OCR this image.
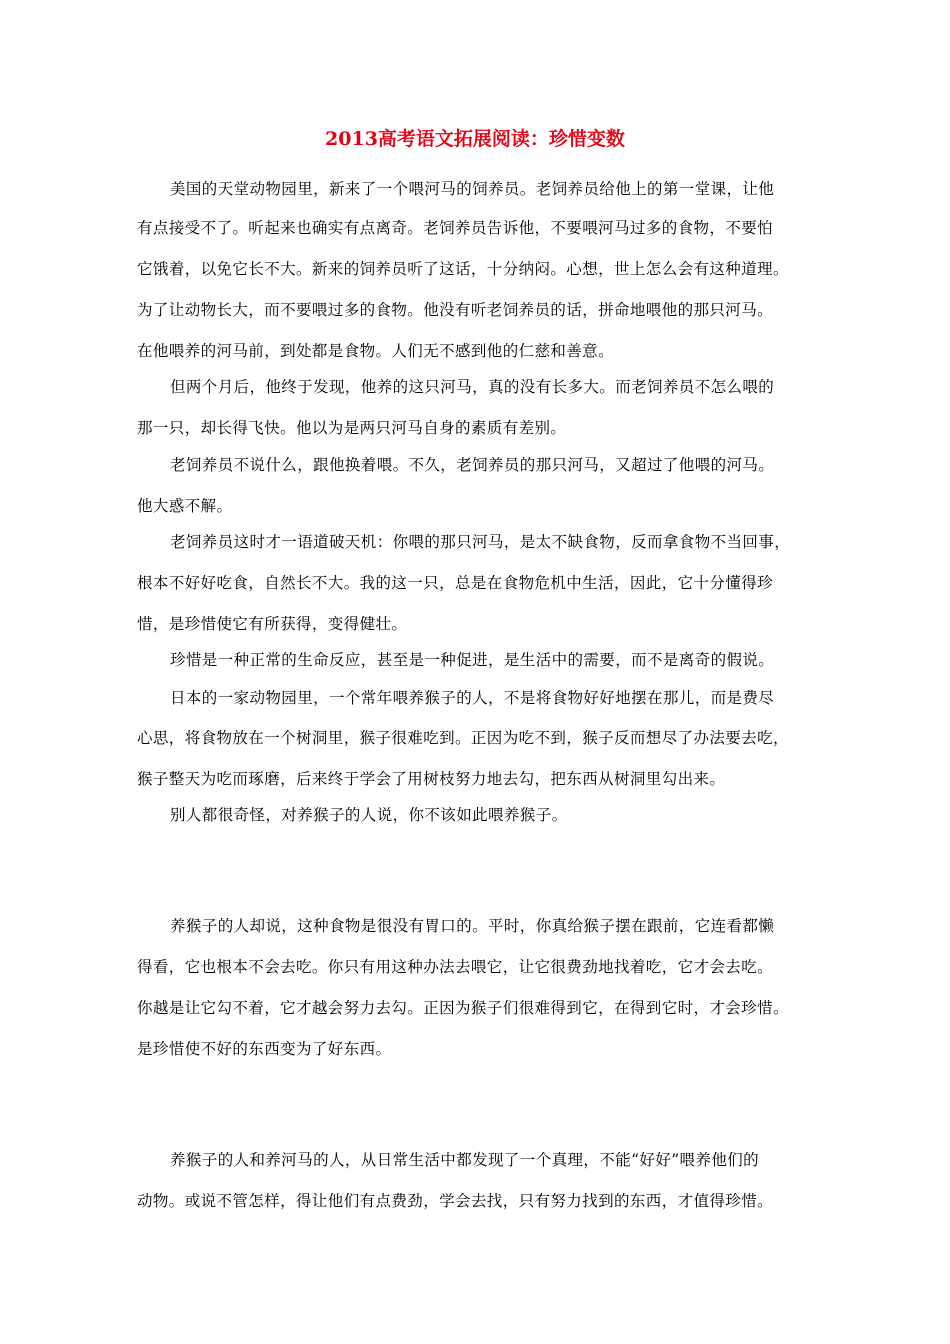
2013高考语文拓展阅读：珍惜变数
美国的天堂动物园里，新来了一个喂河马的饲养员。老饲养员给他上的第一堂课，让他
有点接受不了。听起来也确实有点离奇。老饲养员告诉他，不要喂河马过多的食物，不要怕
它饿着，以免它长不大。新来的饲养员听了这话，十分纳闷。心想，世上怎么会有这种道理。
为了让动物长大，而不要喂过多的食物。他没有听老饲养员的话，拼命地喂他的那只河马。
在他喂养的河马前，到处都是食物。人们无不感到他的仁慈和善意。
但两个月后，他终于发现，他养的这只河马，真的没有长多大。而老饲养员不怎么喂的
那一只，却长得飞快。他以为是两只河马自身的素质有差别。
老饲养员不说什么，跟他换着喂。不久，老饲养员的那只河马，又超过了他喂的河马。
他大惑不解。
老饲养员这时才一语道破天机：你喂的那只河马，是太不缺食物，反而拿食物不当回事，
根本不好好吃食，自然长不大。我的这一只，总是在食物危机中生活，因此，它十分懂得珍
惜，是珍惜使它有所获得，变得健壮。
珍惜是一种正常的生命反应，甚至是一种促进，是生活中的需要，而不是离奇的假说。
日本的一家动物园里，一个常年喂养猴子的人，不是将食物好好地摆在那儿，而是费尽
心思，将食物放在一个树洞里，猴子很难吃到。正因为吃不到，猴子反而想尽了办法要去吃，
猴子整天为吃而琢磨，后来终于学会了用树枝努力地去勾，把东西从树洞里勾出来。
别人都很奇怪，对养猴子的人说，你不该如此喂养猴子。
养猴子的人却说，这种食物是很没有胃口的。平时，你真给猴子摆在跟前，它连看都懒
得看，它也根本不会去吃。你只有用这种办法去喂它，让它很费劲地找着吃，它才会去吃。
你越是让它勾不着，它才越会努力去勾。正因为猴子们很难得到它，在得到它时，才会珍惜。
是珍惜使不好的东西变为了好东西。
养猴子的人和养河马的人，从日常生活中都发现了一个真理，不能“好好”喂养他们的
动物。或说不管怎样，得让他们有点费劲，学会去找，只有努力找到的东西，才值得珍惜。
